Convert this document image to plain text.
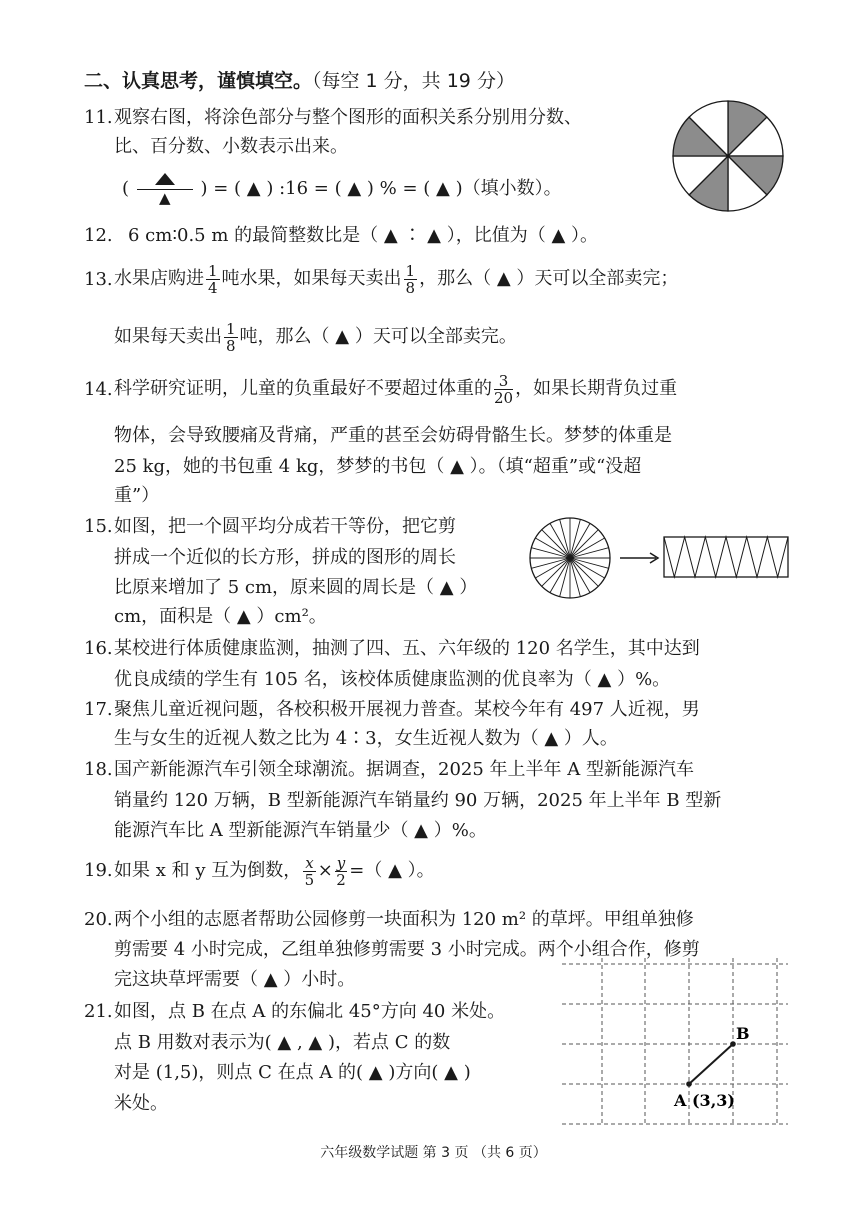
二、认真思考，谨慎填空。（每空 1 分，共 19 分）
11. 观察右图，将涂色部分与整个图形的面积关系分别用分数、
比、百分数、小数表示出来。
(	▲	) = ( ▲ ) :16 = ( ▲ ) % = ( ▲ )（填小数）。
12. 6 cm∶0.5 m 的最简整数比是（ ▲ ∶ ▲ ），比值为（ ▲ ）。
13. 水果店购进 $\frac{1}{4}$ 吨水果，如果每天卖出 $\frac{1}{8}$ ，那么（ ▲ ）天可以全部卖完；
如果每天卖出 $\frac{1}{8}$ 吨，那么（ ▲ ）天可以全部卖完。
14. 科学研究证明，儿童的负重最好不要超过体重的 $\frac{3}{20}$ ，如果长期背负过重
物体，会导致腰痛及背痛，严重的甚至会妨碍骨骼生长。梦梦的体重是
25 kg，她的书包重 4 kg，梦梦的书包（ ▲ ）。（填“超重”或“没超
重”）
15. 如图，把一个圆平均分成若干等份，把它剪
拼成一个近似的长方形，拼成的图形的周长
比原来增加了 5 cm，原来圆的周长是（ ▲ ）
cm，面积是（ ▲ ）cm²。
16. 某校进行体质健康监测，抽测了四、五、六年级的 120 名学生，其中达到
优良成绩的学生有 105 名，该校体质健康监测的优良率为（ ▲ ）%。
17. 聚焦儿童近视问题，各校积极开展视力普查。某校今年有 497 人近视，男
生与女生的近视人数之比为 4∶3，女生近视人数为（ ▲ ）人。
18. 国产新能源汽车引领全球潮流。据调查，2025 年上半年 A 型新能源汽车
销量约 120 万辆，B 型新能源汽车销量约 90 万辆，2025 年上半年 B 型新
能源汽车比 A 型新能源汽车销量少（ ▲ ）%。
19. 如果 x 和 y 互为倒数， $\frac{x}{5} \times \frac{y}{2}$ =（ ▲ ）。
20. 两个小组的志愿者帮助公园修剪一块面积为 120 m² 的草坪。甲组单独修
剪需要 4 小时完成，乙组单独修剪需要 3 小时完成。两个小组合作，修剪
完这块草坪需要（ ▲ ）小时。
21. 如图，点 B 在点 A 的东偏北 45°方向 40 米处。
点 B 用数对表示为( ▲ , ▲ )，若点 C 的数
对是 (1,5)，则点 C 在点 A 的( ▲ )方向( ▲ )
米处。
B
A (3,3)
六年级数学试题 第 3 页 （共 6 页）
